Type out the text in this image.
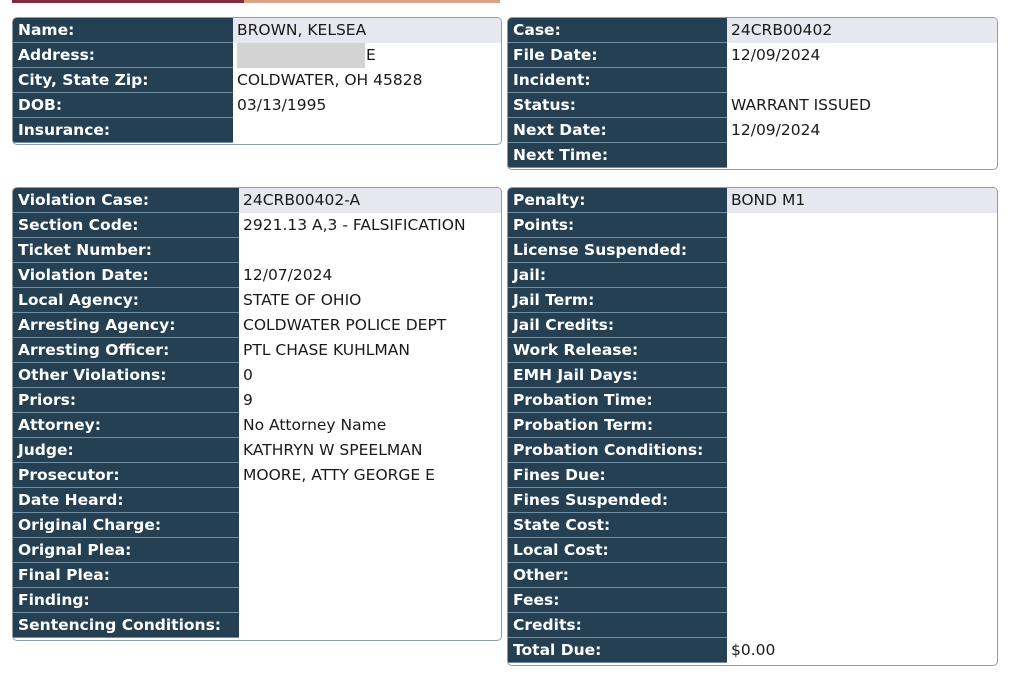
Name:	BROWN, KELSEA
Address:	E
City, State Zip:	COLDWATER, OH 45828
DOB:	03/13/1995
Insurance:
Case:	24CRB00402
File Date:	12/09/2024
Incident:
Status:	WARRANT ISSUED
Next Date:	12/09/2024
Next Time:
Violation Case:	24CRB00402-A
Section Code:	2921.13 A,3 - FALSIFICATION
Ticket Number:
Violation Date:	12/07/2024
Local Agency:	STATE OF OHIO
Arresting Agency:	COLDWATER POLICE DEPT
Arresting Officer:	PTL CHASE KUHLMAN
Other Violations:	0
Priors:	9
Attorney:	No Attorney Name
Judge:	KATHRYN W SPEELMAN
Prosecutor:	MOORE, ATTY GEORGE E
Date Heard:
Original Charge:
Orignal Plea:
Final Plea:
Finding:
Sentencing Conditions:
Penalty:	BOND M1
Points:
License Suspended:
Jail:
Jail Term:
Jail Credits:
Work Release:
EMH Jail Days:
Probation Time:
Probation Term:
Probation Conditions:
Fines Due:
Fines Suspended:
State Cost:
Local Cost:
Other:
Fees:
Credits:
Total Due:	$0.00
